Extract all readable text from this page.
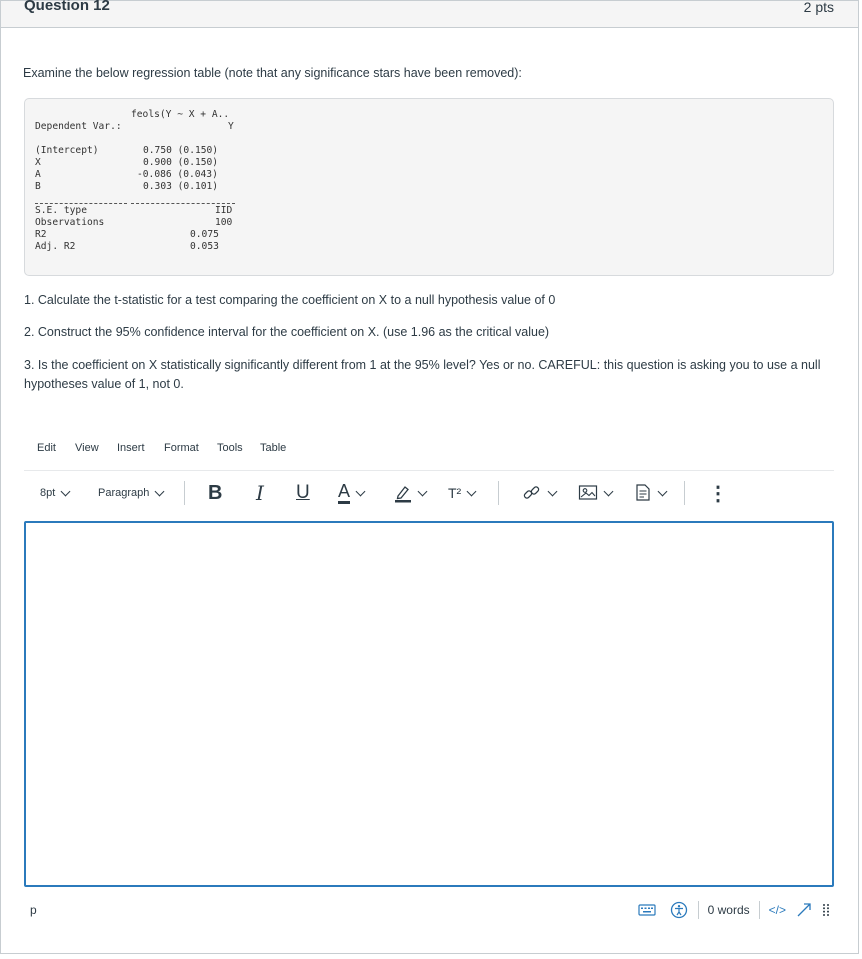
Question 12	2 pts
Examine the below regression table (note that any significance stars have been removed):
feols(Y ~ X + A..
Dependent Var.:	Y
(Intercept)	0.750 (0.150)
X	0.900 (0.150)
A	-0.086 (0.043)
B	0.303 (0.101)
S.E. type	IID
Observations	100
R2	0.075
Adj. R2	0.053
1. Calculate the t-statistic for a test comparing the coefficient on X to a null hypothesis value of 0
2. Construct the 95% confidence interval for the coefficient on X. (use 1.96 as the critical value)
3. Is the coefficient on X statistically significantly different from 1 at the 95% level? Yes or no. CAREFUL: this question is asking you to use a null hypotheses value of 1, not 0.
Edit View Insert Format Tools Table
8pt	Paragraph	B I U A	T²	⋮
p	0 words </>
